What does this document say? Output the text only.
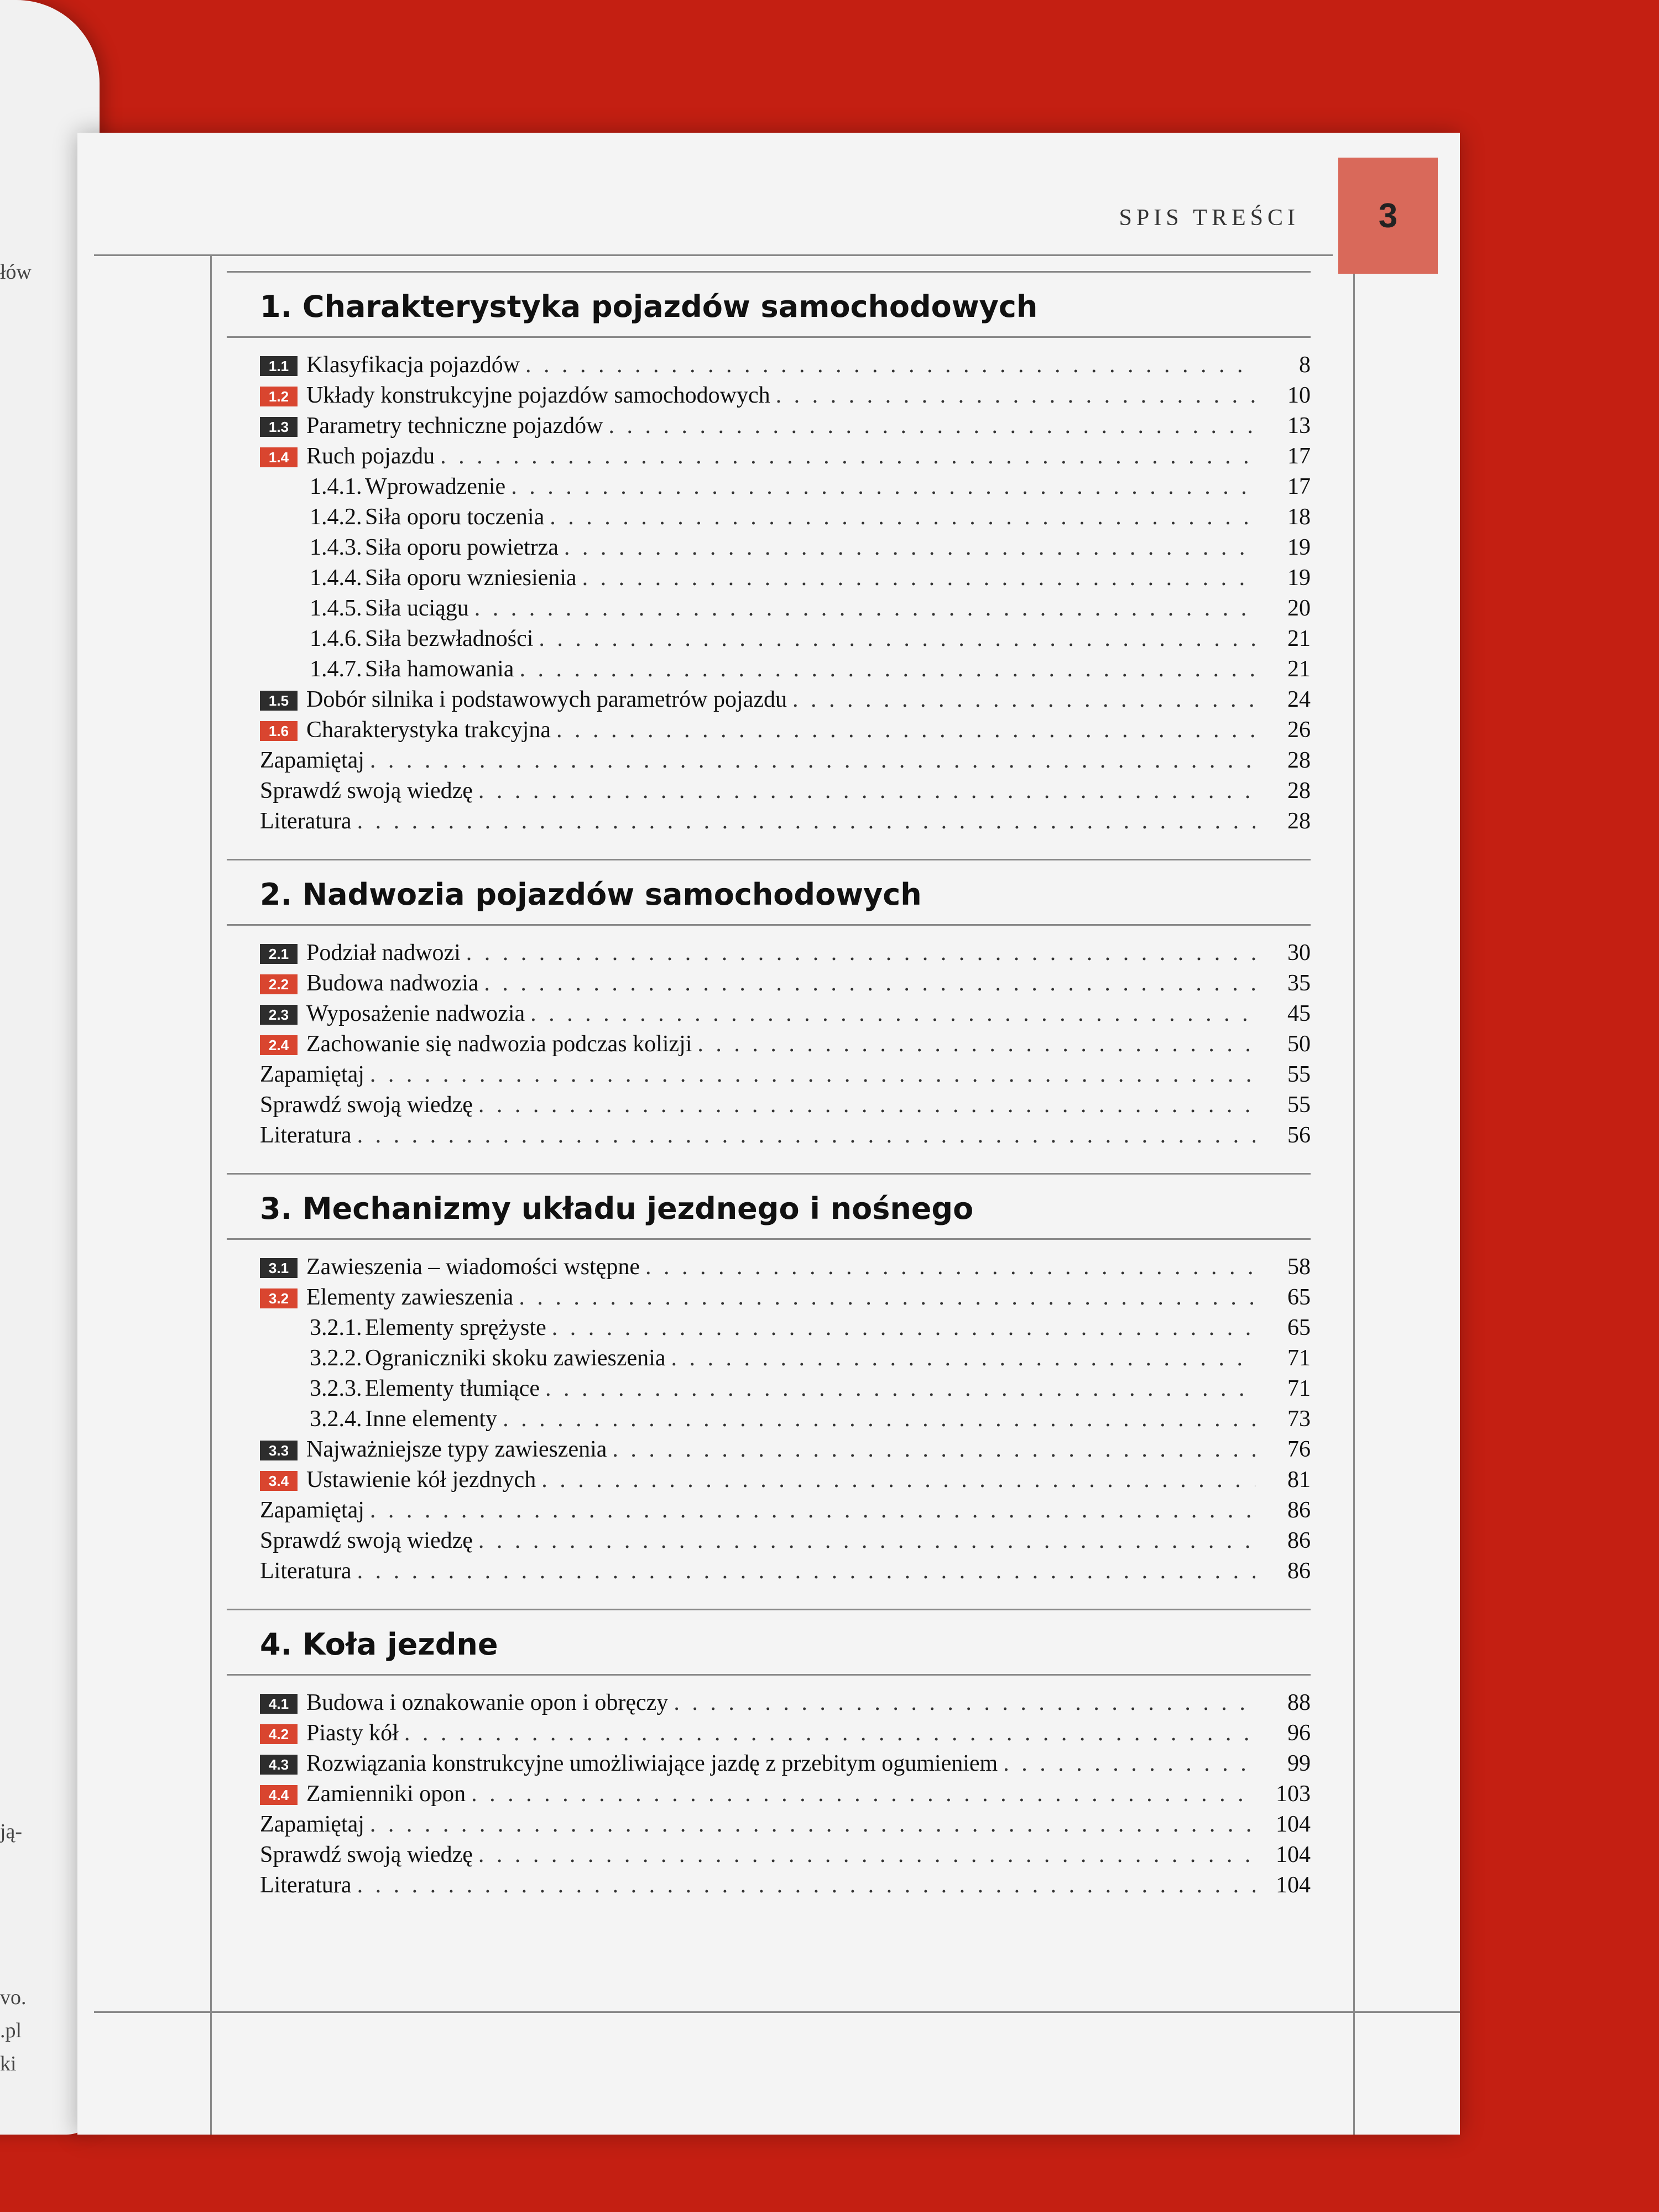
łów
ją-
vo.
.pl
ki
SPIS TREŚCI 3
1. Charakterystyka pojazdów samochodowych
1.1 Klasyfikacja pojazdów . . .	8
1.2 Układy konstrukcyjne pojazdów samochodowych . . .	10
1.3 Parametry techniczne pojazdów . . .	13
1.4 Ruch pojazdu . . .	17
1.4.1. Wprowadzenie . . .	17
1.4.2. Siła oporu toczenia . . .	18
1.4.3. Siła oporu powietrza . . .	19
1.4.4. Siła oporu wzniesienia . . .	19
1.4.5. Siła uciągu . . .	20
1.4.6. Siła bezwładności . . .	21
1.4.7. Siła hamowania . . .	21
1.5 Dobór silnika i podstawowych parametrów pojazdu . . .	24
1.6 Charakterystyka trakcyjna . . .	26
Zapamiętaj . . .	28
Sprawdź swoją wiedzę . . .	28
Literatura . . .	28
2. Nadwozia pojazdów samochodowych
2.1 Podział nadwozi . . .	30
2.2 Budowa nadwozia . . .	35
2.3 Wyposażenie nadwozia . . .	45
2.4 Zachowanie się nadwozia podczas kolizji . . .	50
Zapamiętaj . . .	55
Sprawdź swoją wiedzę . . .	55
Literatura . . .	56
3. Mechanizmy układu jezdnego i nośnego
3.1 Zawieszenia – wiadomości wstępne . . .	58
3.2 Elementy zawieszenia . . .	65
3.2.1. Elementy sprężyste . . .	65
3.2.2. Ograniczniki skoku zawieszenia . . .	71
3.2.3. Elementy tłumiące . . .	71
3.2.4. Inne elementy . . .	73
3.3 Najważniejsze typy zawieszenia . . .	76
3.4 Ustawienie kół jezdnych . . .	81
Zapamiętaj . . .	86
Sprawdź swoją wiedzę . . .	86
Literatura . . .	86
4. Koła jezdne
4.1 Budowa i oznakowanie opon i obręczy . . .	88
4.2 Piasty kół . . .	96
4.3 Rozwiązania konstrukcyjne umożliwiające jazdę z przebitym ogumieniem . . .	99
4.4 Zamienniki opon . . .	103
Zapamiętaj . . .	104
Sprawdź swoją wiedzę . . .	104
Literatura . . .	104
